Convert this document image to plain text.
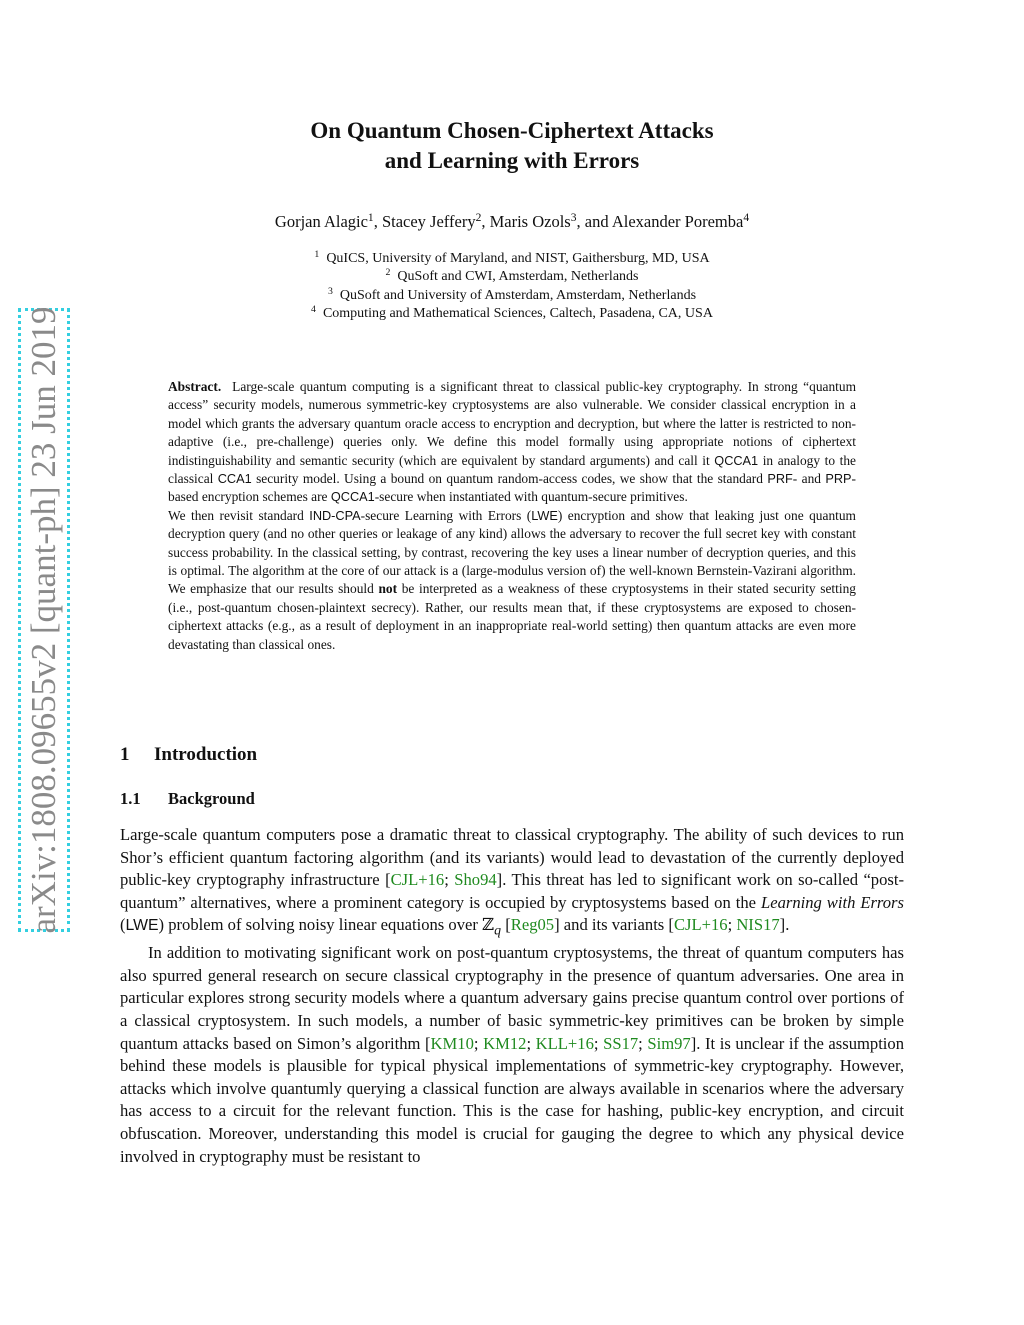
arXiv:1808.09655v2 [quant-ph] 23 Jun 2019
On Quantum Chosen-Ciphertext Attacks
and Learning with Errors
Gorjan Alagic$^1$, Stacey Jeffery$^2$, Maris Ozols$^3$, and Alexander Poremba$^4$
$^1$ QuICS, University of Maryland, and NIST, Gaithersburg, MD, USA
$^2$ QuSoft and CWI, Amsterdam, Netherlands
$^3$ QuSoft and University of Amsterdam, Amsterdam, Netherlands
$^4$ Computing and Mathematical Sciences, Caltech, Pasadena, CA, USA

Abstract. Large-scale quantum computing is a significant threat to classical public-key cryptography. In strong “quantum access” security models, numerous symmetric-key cryptosystems are also vulnerable. We consider classical encryption in a model which grants the adversary quantum oracle access to encryption and decryption, but where the latter is restricted to non-adaptive (i.e., pre-challenge) queries only. We define this model formally using appropriate notions of ciphertext indistinguishability and semantic security (which are equivalent by standard arguments) and call it QCCA1 in analogy to the classical CCA1 security model. Using a bound on quantum random-access codes, we show that the standard PRF- and PRP-based encryption schemes are QCCA1-secure when instantiated with quantum-secure primitives.

We then revisit standard IND-CPA-secure Learning with Errors (LWE) encryption and show that leaking just one quantum decryption query (and no other queries or leakage of any kind) allows the adversary to recover the full secret key with constant success probability. In the classical setting, by contrast, recovering the key uses a linear number of decryption queries, and this is optimal. The algorithm at the core of our attack is a (large-modulus version of) the well-known Bernstein-Vazirani algorithm. We emphasize that our results should not be interpreted as a weakness of these cryptosystems in their stated security setting (i.e., post-quantum chosen-plaintext secrecy). Rather, our results mean that, if these cryptosystems are exposed to chosen-ciphertext attacks (e.g., as a result of deployment in an inappropriate real-world setting) then quantum attacks are even more devastating than classical ones.

1 Introduction
1.1 Background

Large-scale quantum computers pose a dramatic threat to classical cryptography. The ability of such devices to run Shor’s efficient quantum factoring algorithm (and its variants) would lead to devastation of the currently deployed public-key cryptography infrastructure [CJL+16; Sho94]. This threat has led to significant work on so-called “post-quantum” alternatives, where a prominent category is occupied by cryptosystems based on the Learning with Errors (LWE) problem of solving noisy linear equations over ℤ$_q$ [Reg05] and its variants [CJL+16; NIS17].

In addition to motivating significant work on post-quantum cryptosystems, the threat of quantum computers has also spurred general research on secure classical cryptography in the presence of quantum adversaries. One area in particular explores strong security models where a quantum adversary gains precise quantum control over portions of a classical cryptosystem. In such models, a number of basic symmetric-key primitives can be broken by simple quantum attacks based on Simon’s algorithm [KM10; KM12; KLL+16; SS17; Sim97]. It is unclear if the assumption behind these models is plausible for typical physical implementations of symmetric-key cryptography. However, attacks which involve quantumly querying a classical function are always available in scenarios where the adversary has access to a circuit for the relevant function. This is the case for hashing, public-key encryption, and circuit obfuscation. Moreover, understanding this model is crucial for gauging the degree to which any physical device involved in cryptography must be resistant to
